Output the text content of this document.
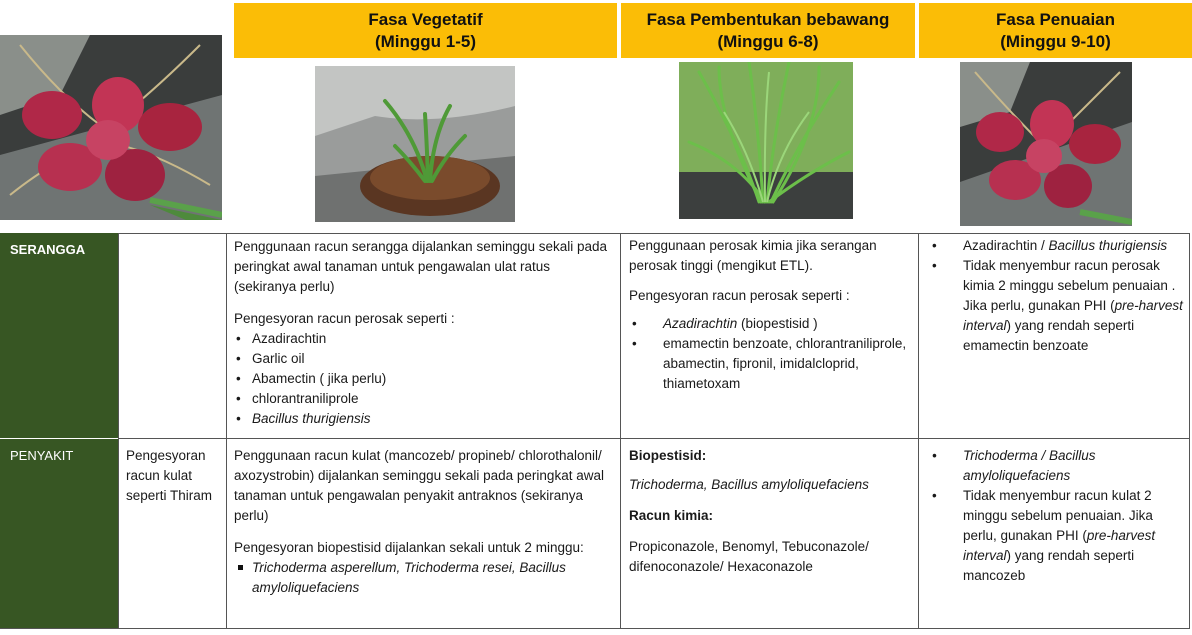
Fasa Vegetatif
(Minggu 1-5)
Fasa Pembentukan bebawang
(Minggu 6-8)
Fasa Penuaian
(Minggu 9-10)
SERANGGA	Penggunaan racun serangga dijalankan seminggu sekali pada peringkat awal tanaman untuk pengawalan ulat ratus (sekiranya perlu)

Pengesyoran racun perosak seperti :

• Azadirachtin
• Garlic oil
• Abamectin ( jika perlu)
• chlorantraniliprole
• Bacillus thurigiensis

Penggunaan perosak kimia jika serangan perosak tinggi (mengikut ETL).

Pengesyoran racun perosak seperti :

• Azadirachtin (biopestisid )
• emamectin benzoate, chlorantraniliprole, abamectin, fipronil, imidalcloprid, thiametoxam
• Azadirachtin / Bacillus thurigiensis
• Tidak menyembur racun perosak kimia 2 minggu sebelum penuaian . Jika perlu, gunakan PHI (pre-harvest interval) yang rendah seperti emamectin benzoate
PENYAKIT	Pengesyoran racun kulat seperti Thiram

Penggunaan racun kulat (mancozeb/ propineb/ chlorothalonil/ axozystrobin) dijalankan seminggu sekali pada peringkat awal tanaman untuk pengawalan penyakit antraknos (sekiranya perlu)

Pengesyoran biopestisid dijalankan sekali untuk 2 minggu:

Trichoderma asperellum, Trichoderma resei, Bacillus amyloliquefaciens

Biopestisid:

Trichoderma, Bacillus amyloliquefaciens

Racun kimia:

Propiconazole, Benomyl, Tebuconazole/ difenoconazole/ Hexaconazole

• Trichoderma / Bacillus amyloliquefaciens
• Tidak menyembur racun kulat 2 minggu sebelum penuaian. Jika perlu, gunakan PHI (pre-harvest interval) yang rendah seperti mancozeb
